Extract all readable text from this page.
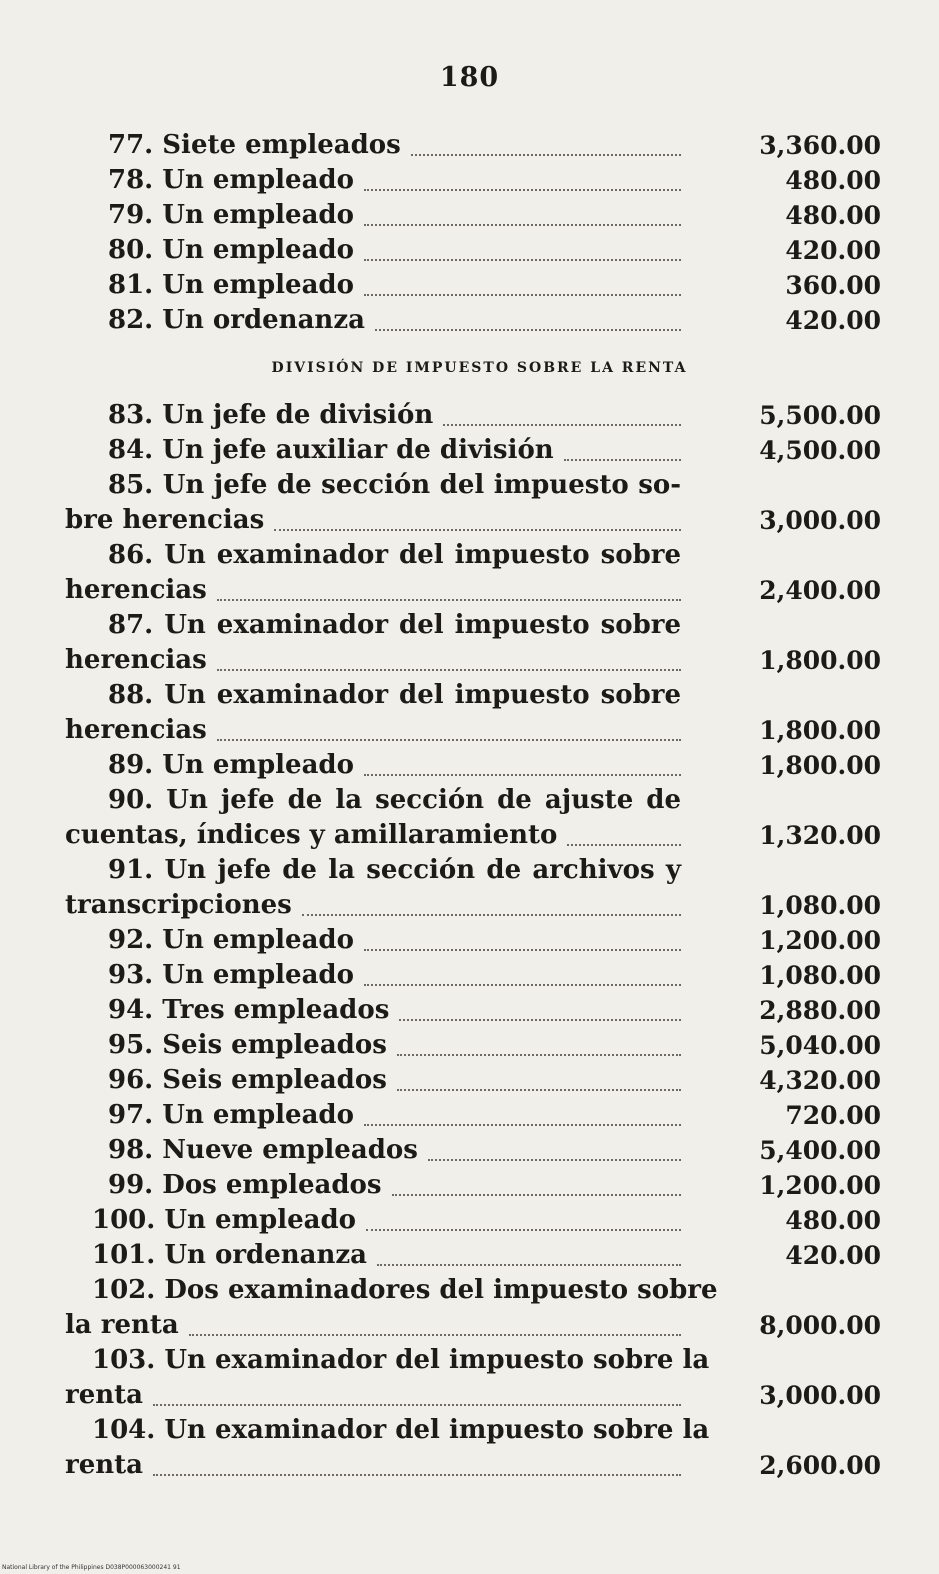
180
77. Siete empleados	3,360.00
78. Un empleado	480.00
79. Un empleado	480.00
80. Un empleado	420.00
81. Un empleado	360.00
82. Un ordenanza	420.00
DIVISIÓN DE IMPUESTO SOBRE LA RENTA
83. Un jefe de división	5,500.00
84. Un jefe auxiliar de división	4,500.00
85. Un jefe de sección del impuesto so-
bre herencias	3,000.00
86. Un examinador del impuesto sobre
herencias	2,400.00
87. Un examinador del impuesto sobre
herencias	1,800.00
88. Un examinador del impuesto sobre
herencias	1,800.00
89. Un empleado	1,800.00
90. Un jefe de la sección de ajuste de
cuentas, índices y amillaramiento	1,320.00
91. Un jefe de la sección de archivos y
transcripciones	1,080.00
92. Un empleado	1,200.00
93. Un empleado	1,080.00
94. Tres empleados	2,880.00
95. Seis empleados	5,040.00
96. Seis empleados	4,320.00
97. Un empleado	720.00
98. Nueve empleados	5,400.00
99. Dos empleados	1,200.00
100. Un empleado	480.00
101. Un ordenanza	420.00
102. Dos examinadores del impuesto sobre
la renta	8,000.00
103. Un examinador del impuesto sobre la
renta	3,000.00
104. Un examinador del impuesto sobre la
renta	2,600.00
National Library of the Philippines D038P000063000241 91
